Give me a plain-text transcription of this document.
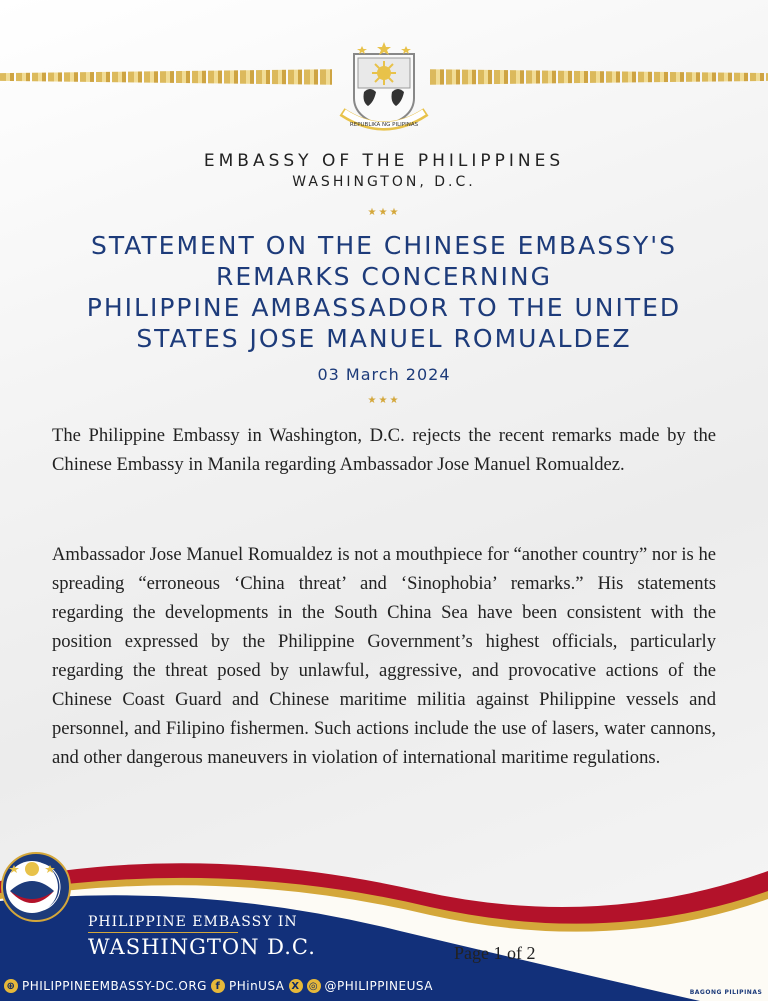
REPUBLIKA NG PILIPINAS
EMBASSY OF THE PHILIPPINES
WASHINGTON, D.C.
★★★
STATEMENT ON THE CHINESE EMBASSY'S
REMARKS CONCERNING
PHILIPPINE AMBASSADOR TO THE UNITED
STATES JOSE MANUEL ROMUALDEZ
03 March 2024
★★★

The Philippine Embassy in Washington, D.C. rejects the recent remarks made by the Chinese Embassy in Manila regarding Ambassador Jose Manuel Romualdez.

Ambassador Jose Manuel Romualdez is not a mouthpiece for “another country” nor is he spreading “erroneous ‘China threat’ and ‘Sinophobia’ remarks.” His statements regarding the developments in the South China Sea have been consistent with the position expressed by the Philippine Government’s highest officials, particularly regarding the threat posed by unlawful, aggressive, and provocative actions of the Chinese Coast Guard and Chinese maritime militia against Philippine vessels and personnel, and Filipino fishermen. Such actions include the use of lasers, water cannons, and other dangerous maneuvers in violation of international maritime regulations.

PHILIPPINE EMBASSY IN
WASHINGTON D.C.
⊕ PHILIPPINEEMBASSY-DC.ORG f PHinUSA X ◎ @PHILIPPINEUSA
Page 1 of 2
BAGONG PILIPINAS
